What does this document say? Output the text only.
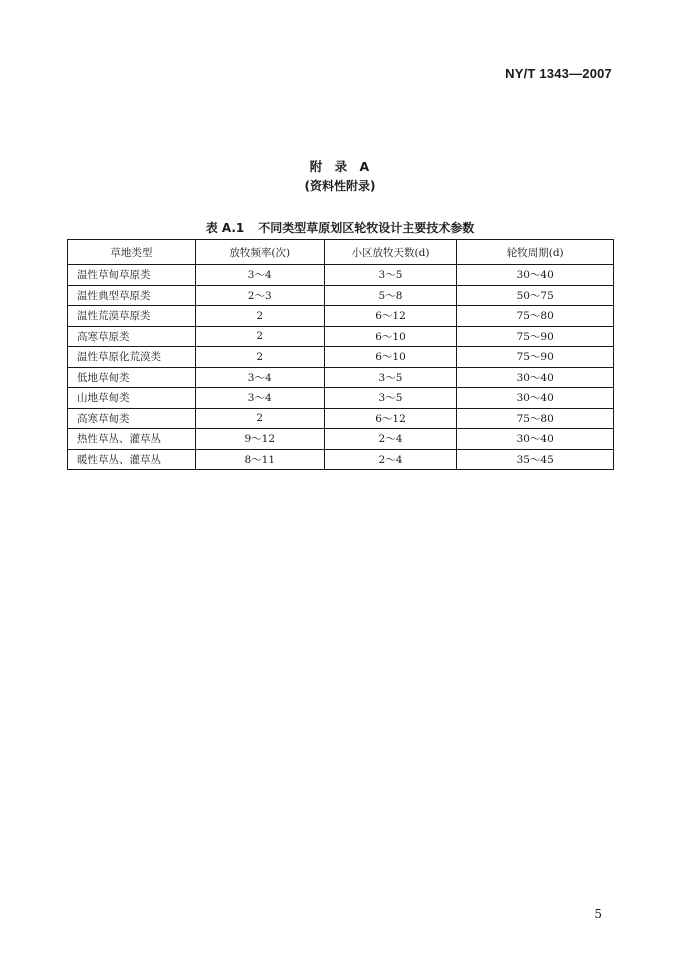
NY/T 1343—2007
附 录 A
(资料性附录)
表 A.1 不同类型草原划区轮牧设计主要技术参数
草地类型	放牧频率(次)	小区放牧天数(d)	轮牧周期(d)
温性草甸草原类	3～4	3～5	30～40
温性典型草原类	2～3	5～8	50～75
温性荒漠草原类	2	6～12	75～80
高寒草原类	2	6～10	75～90
温性草原化荒漠类	2	6～10	75～90
低地草甸类	3～4	3～5	30～40
山地草甸类	3～4	3～5	30～40
高寒草甸类	2	6～12	75～80
热性草丛、灌草丛	9～12	2～4	30～40
暖性草丛、灌草丛	8～11	2～4	35～45
5
